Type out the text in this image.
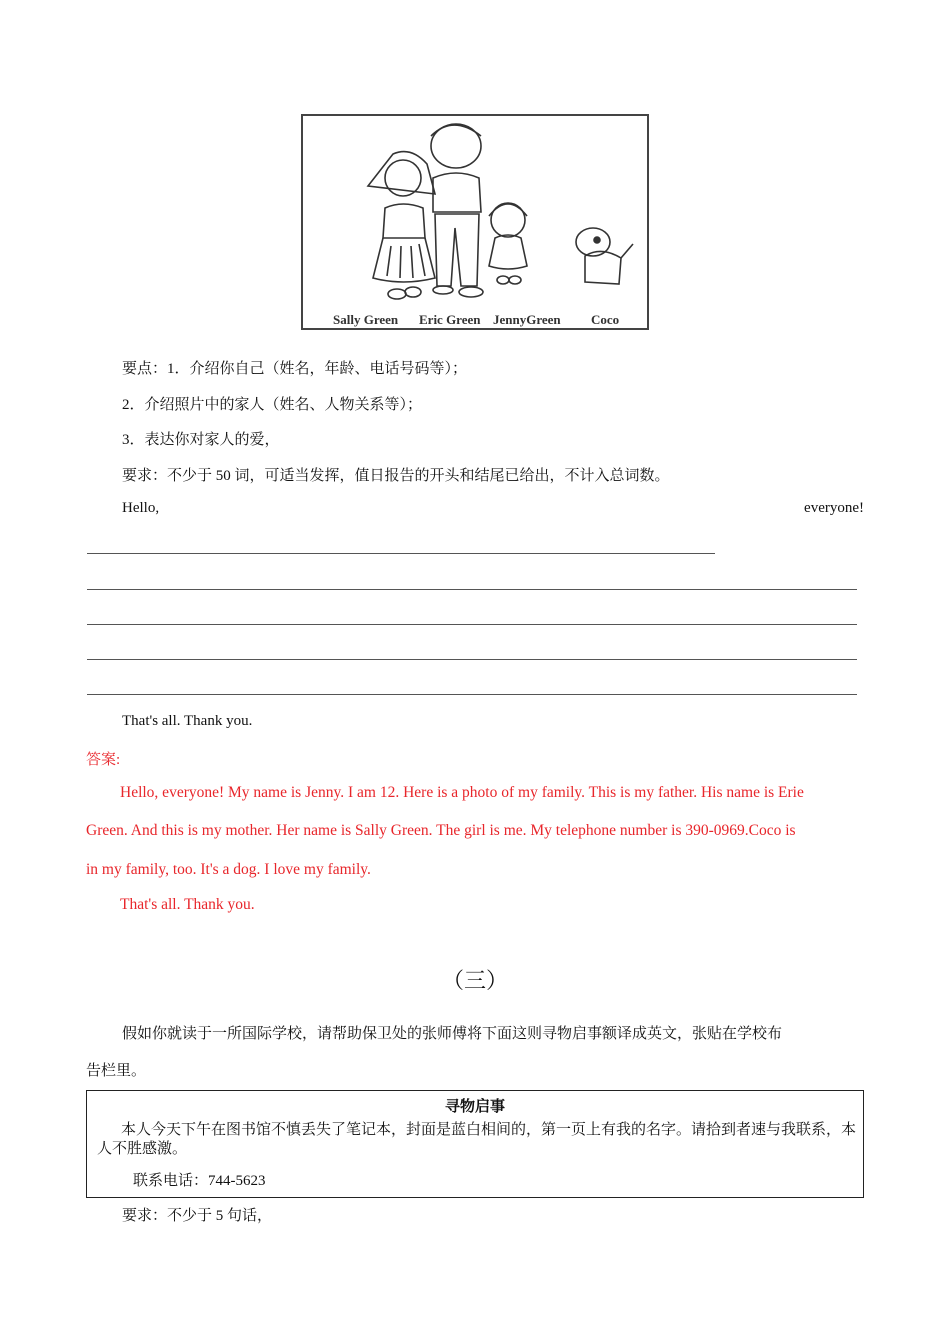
Sally Green Eric Green JennyGreen Coco
要点：1．介绍你自己（姓名，年龄、电话号码等）；
2．介绍照片中的家人（姓名、人物关系等）；
3．表达你对家人的爱，
要求：不少于 50 词，可适当发挥，值日报告的开头和结尾已给出，不计入总词数。
Hello,	everyone!
That's all. Thank you.
答案:
Hello, everyone! My name is Jenny. I am 12. Here is a photo of my family. This is my father. His name is Erie
Green. And this is my mother. Her name is Sally Green. The girl is me. My telephone number is 390-0969.Coco is
in my family, too. It's a dog. I love my family.
That's all. Thank you.
（三）
假如你就读于一所国际学校，请帮助保卫处的张师傅将下面这则寻物启事额译成英文，张贴在学校布
告栏里。
寻物启事
本人今天下午在图书馆不慎丢失了笔记本，封面是蓝白相间的，第一页上有我的名字。请拾到者速与我联系，本人不胜感激。
联系电话：744-5623
要求：不少于 5 句话，
